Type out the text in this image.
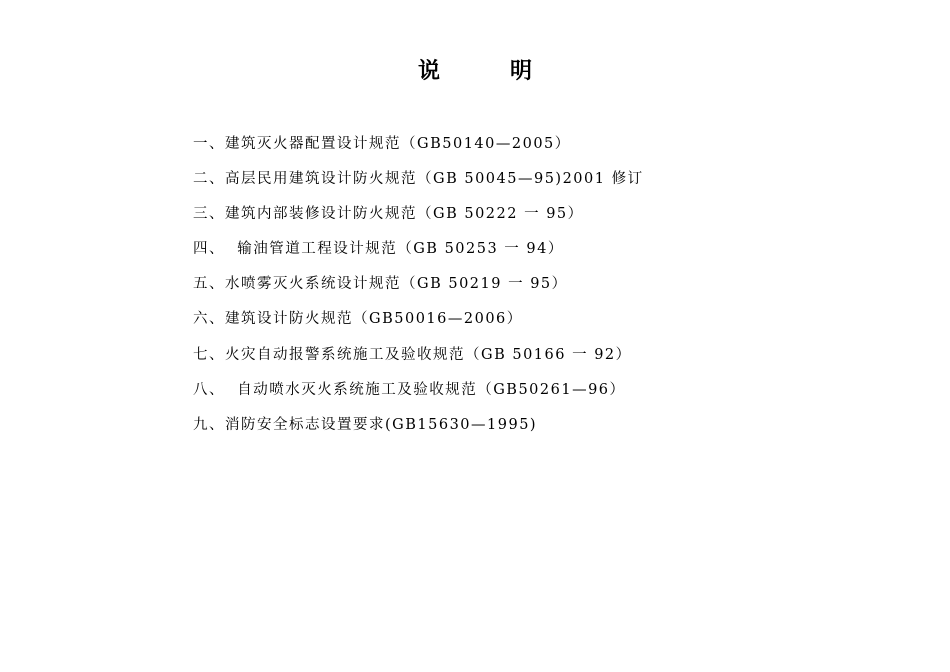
说　明
一、建筑灭火器配置设计规范（GB50140—2005）
二、高层民用建筑设计防火规范（GB 50045—95)2001 修订
三、建筑内部装修设计防火规范（GB 50222 一 95）
四、  输油管道工程设计规范（GB 50253 一 94）
五、水喷雾灭火系统设计规范（GB 50219 一 95）
六、建筑设计防火规范（GB50016—2006）
七、火灾自动报警系统施工及验收规范（GB 50166 一 92）
八、  自动喷水灭火系统施工及验收规范（GB50261—96）
九、消防安全标志设置要求(GB15630—1995)
